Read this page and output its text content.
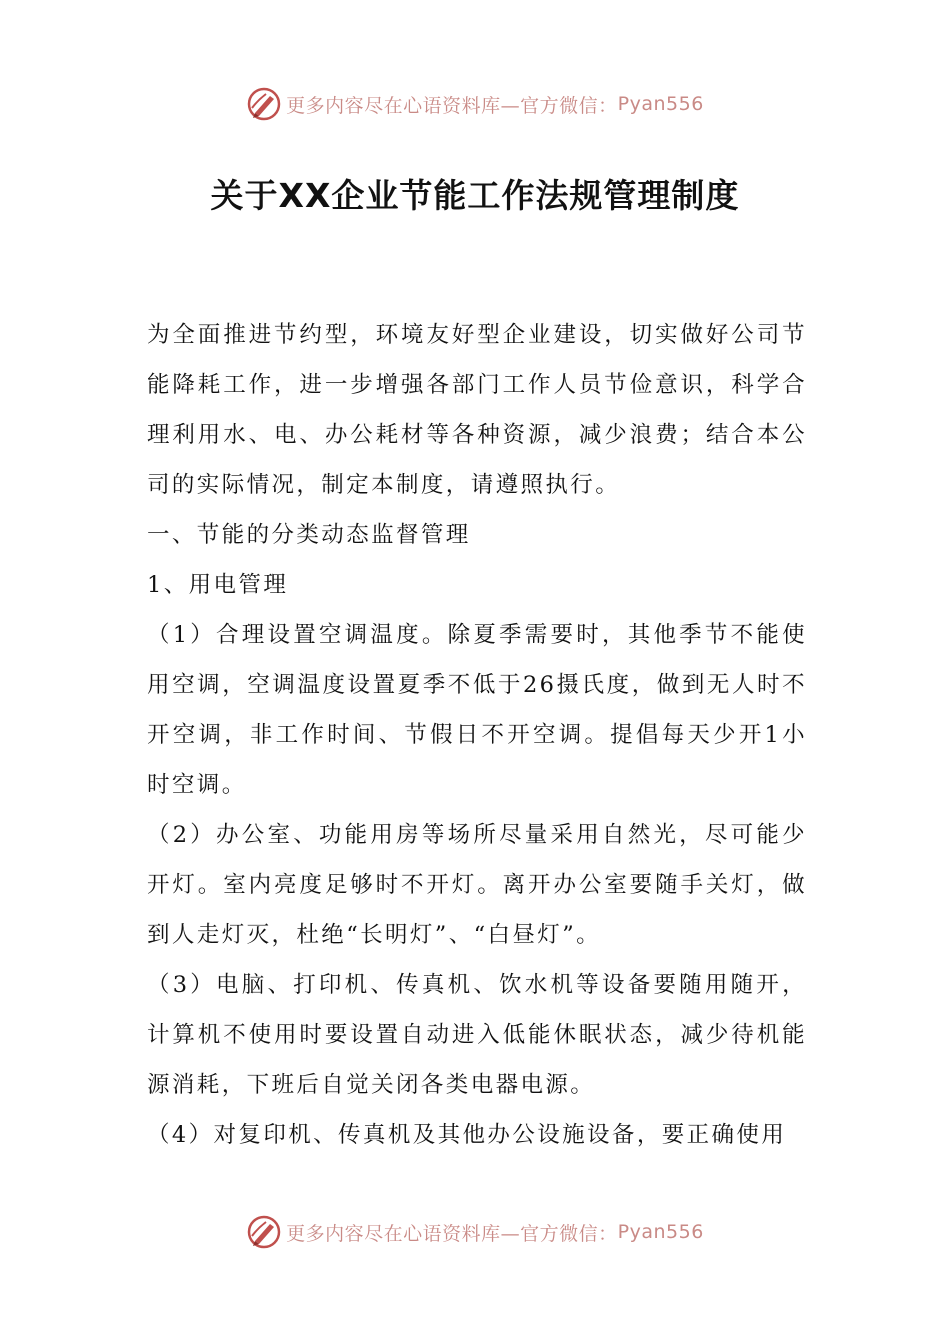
更多内容尽在心语资料库—官方微信： Pyan556
关于XX企业节能工作法规管理制度

为全面推进节约型，环境友好型企业建设，切实做好公司节能降耗工作，进一步增强各部门工作人员节俭意识，科学合理利用水、电、办公耗材等各种资源，减少浪费；结合本公司的实际情况，制定本制度，请遵照执行。

一、节能的分类动态监督管理

1、用电管理

（1）合理设置空调温度。除夏季需要时，其他季节不能使用空调，空调温度设置夏季不低于26摄氏度，做到无人时不开空调，非工作时间、节假日不开空调。提倡每天少开1小时空调。

（2）办公室、功能用房等场所尽量采用自然光，尽可能少开灯。室内亮度足够时不开灯。离开办公室要随手关灯，做到人走灯灭，杜绝“长明灯”、“白昼灯”。

（3）电脑、打印机、传真机、饮水机等设备要随用随开，计算机不使用时要设置自动进入低能休眠状态，减少待机能源消耗，下班后自觉关闭各类电器电源。

（4）对复印机、传真机及其他办公设施设备，要正确使用

更多内容尽在心语资料库—官方微信： Pyan556
